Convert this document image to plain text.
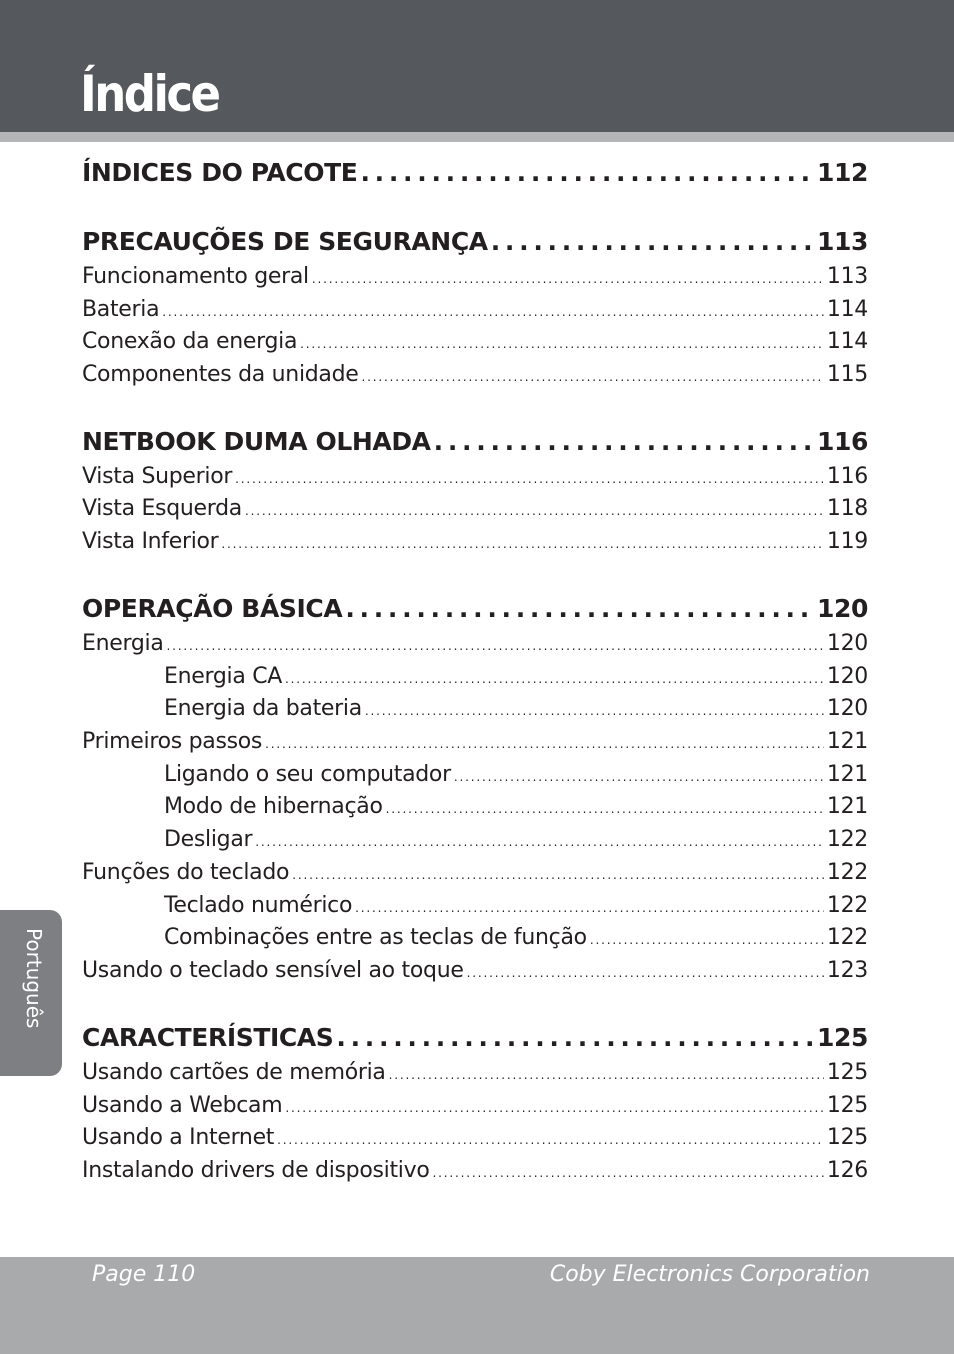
Índice
ÍNDICES DO PACOTE . . .	112
PRECAUÇÕES DE SEGURANÇA . . .	113
Funcionamento geral . . .	113
Bateria . . .	114
Conexão da energia . . .	114
Componentes da unidade . . .	115
NETBOOK DUMA OLHADA . . .	116
Vista Superior . . .	116
Vista Esquerda . . .	118
Vista Inferior . . .	119
OPERAÇÃO BÁSICA . . .	120
Energia . . .	120
Energia CA . . .	120
Energia da bateria . . .	120
Primeiros passos . . .	121
Ligando o seu computador . . .	121
Modo de hibernação . . .	121
Desligar . . .	122
Funções do teclado . . .	122
Teclado numérico . . .	122
Combinações entre as teclas de função . . .	122
Usando o teclado sensível ao toque . . .	123
CARACTERÍSTICAS . . .	125
Usando cartões de memória . . .	125
Usando a Webcam . . .	125
Usando a Internet . . .	125
Instalando drivers de dispositivo . . .	126
Português
Page 110	Coby Electronics Corporation
